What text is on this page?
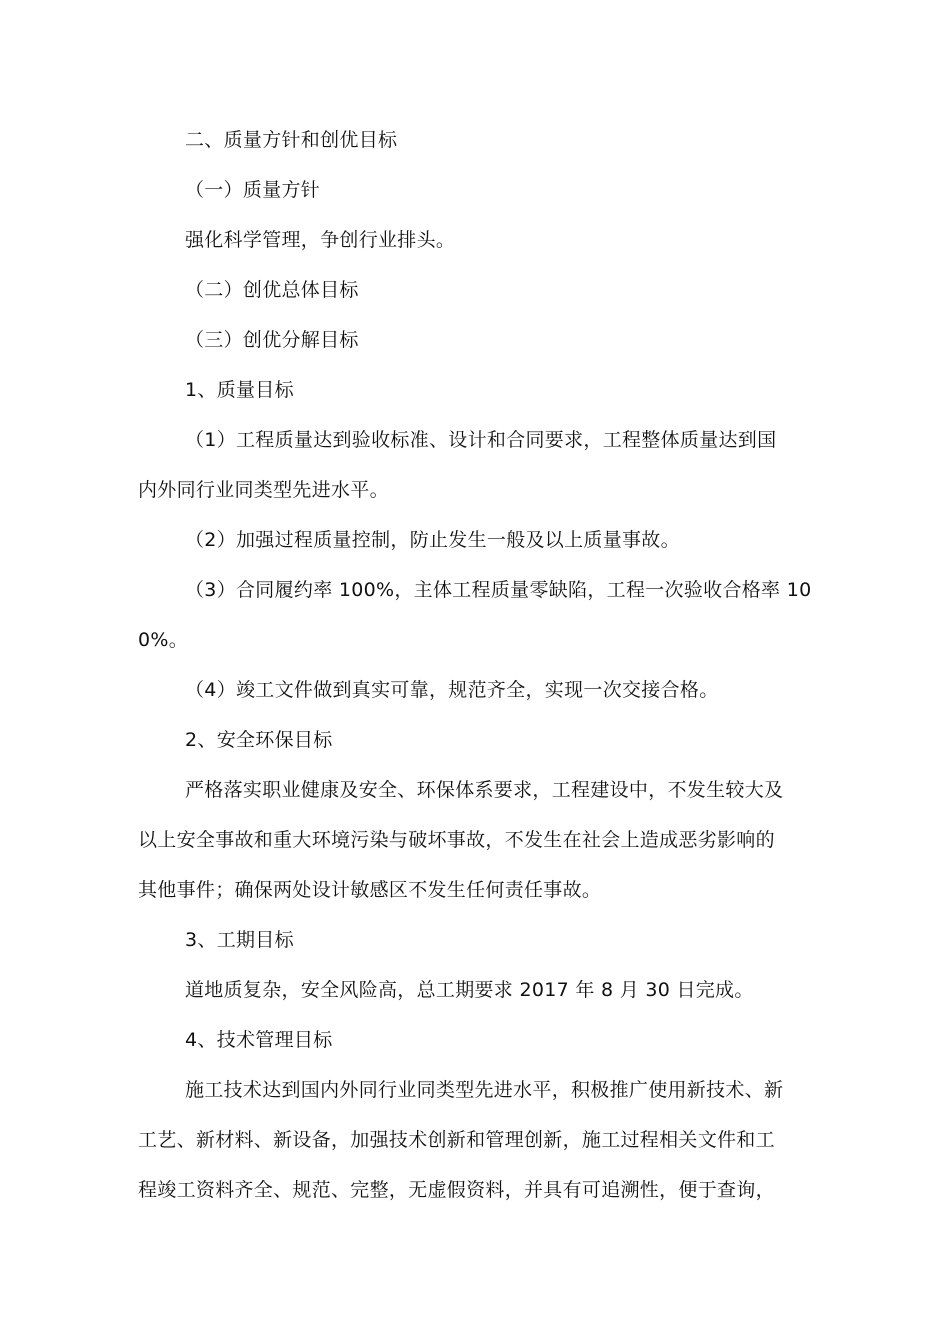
二、质量方针和创优目标
（一）质量方针
强化科学管理，争创行业排头。
（二）创优总体目标
（三）创优分解目标
1、质量目标
（1）工程质量达到验收标准、设计和合同要求，工程整体质量达到国
内外同行业同类型先进水平。
（2）加强过程质量控制，防止发生一般及以上质量事故。
（3）合同履约率 100%，主体工程质量零缺陷，工程一次验收合格率 10
0%。
（4）竣工文件做到真实可靠，规范齐全，实现一次交接合格。
2、安全环保目标
严格落实职业健康及安全、环保体系要求，工程建设中，不发生较大及
以上安全事故和重大环境污染与破坏事故，不发生在社会上造成恶劣影响的
其他事件；确保两处设计敏感区不发生任何责任事故。
3、工期目标
道地质复杂，安全风险高，总工期要求 2017 年 8 月 30 日完成。
4、技术管理目标
施工技术达到国内外同行业同类型先进水平，积极推广使用新技术、新
工艺、新材料、新设备，加强技术创新和管理创新，施工过程相关文件和工
程竣工资料齐全、规范、完整，无虚假资料，并具有可追溯性，便于查询，
